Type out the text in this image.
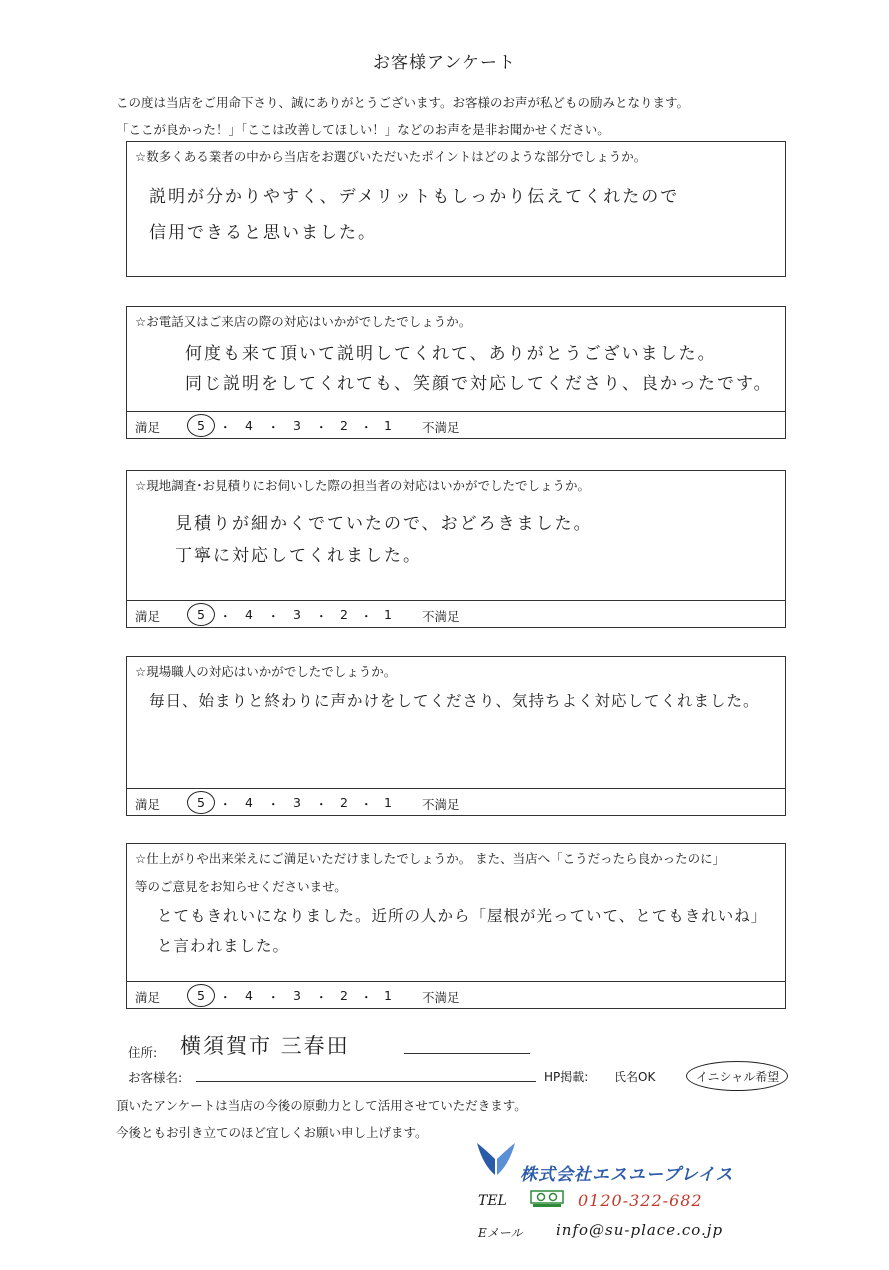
お客様アンケート
この度は当店をご用命下さり、誠にありがとうございます。お客様のお声が私どもの励みとなります。
「ここが良かった！」「ここは改善してほしい！」などのお声を是非お聞かせください。
☆数多くある業者の中から当店をお選びいただいたポイントはどのような部分でしょうか。
説明が分かりやすく、デメリットもしっかり伝えてくれたので
信用できると思いました。
☆お電話又はご来店の際の対応はいかがでしたでしょうか。
何度も来て頂いて説明してくれて、ありがとうございました。
同じ説明をしてくれても、笑顔で対応してくださり、良かったです。
満足	5 ・ 4 ・ 3 ・ 2 ・ 1 不満足
☆現地調査･お見積りにお伺いした際の担当者の対応はいかがでしたでしょうか。
見積りが細かくでていたので、おどろきました。
丁寧に対応してくれました。
満足	5 ・ 4 ・ 3 ・ 2 ・ 1 不満足
☆現場職人の対応はいかがでしたでしょうか。
毎日、始まりと終わりに声かけをしてくださり、気持ちよく対応してくれました。
満足	5 ・ 4 ・ 3 ・ 2 ・ 1 不満足
☆仕上がりや出来栄えにご満足いただけましたでしょうか。 また、当店へ「こうだったら良かったのに」
等のご意見をお知らせくださいませ。
とてもきれいになりました。近所の人から「屋根が光っていて、とてもきれいね」
と言われました。
満足	5 ・ 4 ・ 3 ・ 2 ・ 1 不満足
住所: 横須賀市 三春田
お客様名:	HP掲載: 氏名OK	イニシャル希望
頂いたアンケートは当店の今後の原動力として活用させていただきます。
今後ともお引き立てのほど宜しくお願い申し上げます。
株式会社エスユープレイス
TEL	0120-322-682
Eメール info@su-place.co.jp
